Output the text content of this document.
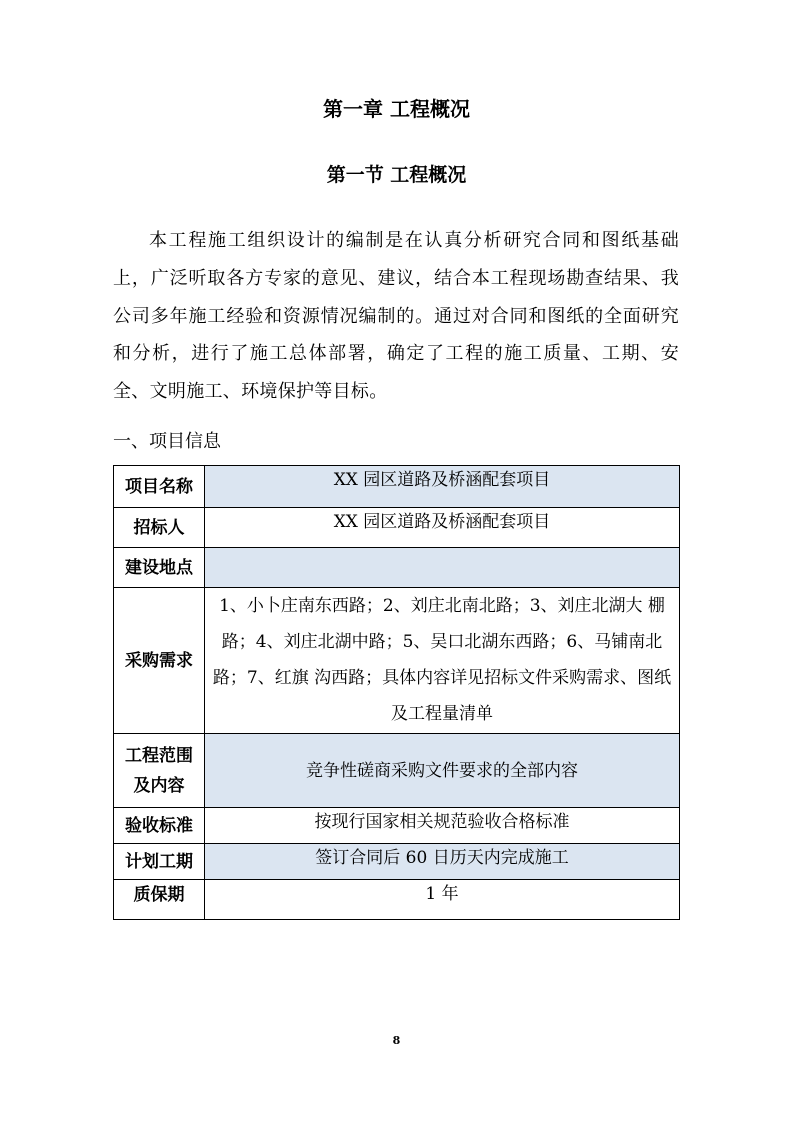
第一章 工程概况
第一节 工程概况

本工程施工组织设计的编制是在认真分析研究合同和图纸基础上，广泛听取各方专家的意见、建议，结合本工程现场勘查结果、我公司多年施工经验和资源情况编制的。通过对合同和图纸的全面研究和分析，进行了施工总体部署，确定了工程的施工质量、工期、安全、文明施工、环境保护等目标。

一、项目信息
项目名称	XX 园区道路及桥涵配套项目
招标人	XX 园区道路及桥涵配套项目
建设地点	
采购需求	1、小卜庄南东西路；2、刘庄北南北路；3、刘庄北湖大 棚路；4、刘庄北湖中路；5、吴口北湖东西路；6、马铺南北路；7、红旗 沟西路；具体内容详见招标文件采购需求、图纸及工程量清单

工程范围
及内容	竞争性磋商采购文件要求的全部内容
验收标准	按现行国家相关规范验收合格标准
计划工期	签订合同后 60 日历天内完成施工
质保期	1 年
8
